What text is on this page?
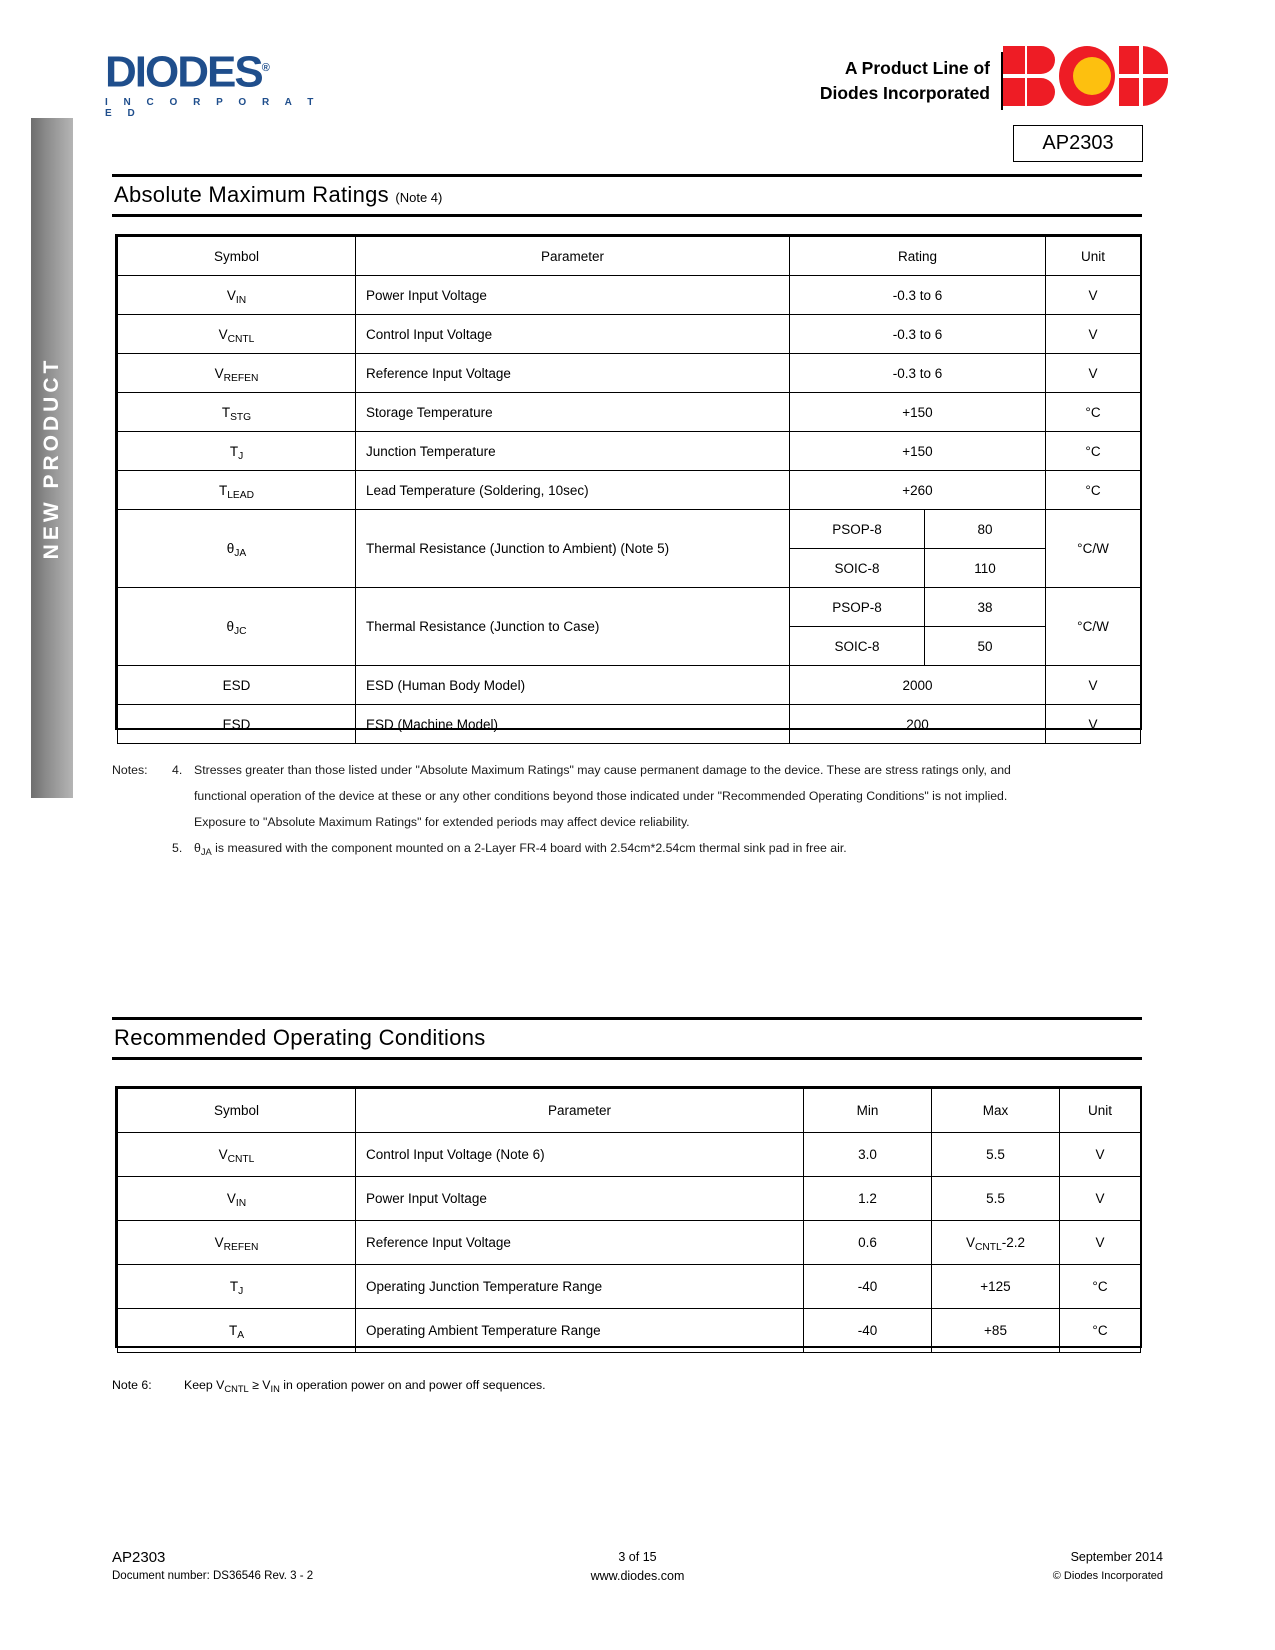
NEW PRODUCT
DIODES®
I N C O R P O R A T E D
A Product Line of
Diodes Incorporated
AP2303
Absolute Maximum Ratings (Note 4)
Symbol	Parameter	Rating		Unit
$V_{IN}$	Power Input Voltage	-0.3 to 6		V
$V_{CNTL}$	Control Input Voltage	-0.3 to 6		V
$V_{REFEN}$	Reference Input Voltage	-0.3 to 6		V
$T_{STG}$	Storage Temperature	+150		°C
$T_J$	Junction Temperature	+150		°C
$T_{LEAD}$	Lead Temperature (Soldering, 10sec)	+260		°C
$\theta_{JA}$	Thermal Resistance (Junction to Ambient) (Note 5)	PSOP-8	80	°C/W
		SOIC-8	110	
$\theta_{JC}$	Thermal Resistance (Junction to Case)	PSOP-8	38	°C/W
		SOIC-8	50	
ESD	ESD (Human Body Model)	2000		V
ESD	ESD (Machine Model)	200		V
Notes:	4. Stresses greater than those listed under "Absolute Maximum Ratings" may cause permanent damage to the device. These are stress ratings only, and
functional operation of the device at these or any other conditions beyond those indicated under "Recommended Operating Conditions" is not implied.
Exposure to "Absolute Maximum Ratings" for extended periods may affect device reliability.
5. $\theta_{JA}$ is measured with the component mounted on a 2-Layer FR-4 board with 2.54cm*2.54cm thermal sink pad in free air.
Recommended Operating Conditions
Symbol	Parameter	Min	Max	Unit
$V_{CNTL}$	Control Input Voltage (Note 6)	3.0	5.5	V
$V_{IN}$	Power Input Voltage	1.2	5.5	V
$V_{REFEN}$	Reference Input Voltage	0.6	$V_{CNTL}-2.2$	V
$T_J$	Operating Junction Temperature Range	-40	+125	°C
$T_A$	Operating Ambient Temperature Range	-40	+85	°C
Note 6:	Keep $V_{CNTL} \ge V_{IN}$ in operation power on and power off sequences.
AP2303
Document number: DS36546 Rev. 3 - 2
3 of 15
www.diodes.com
September 2014
© Diodes Incorporated
